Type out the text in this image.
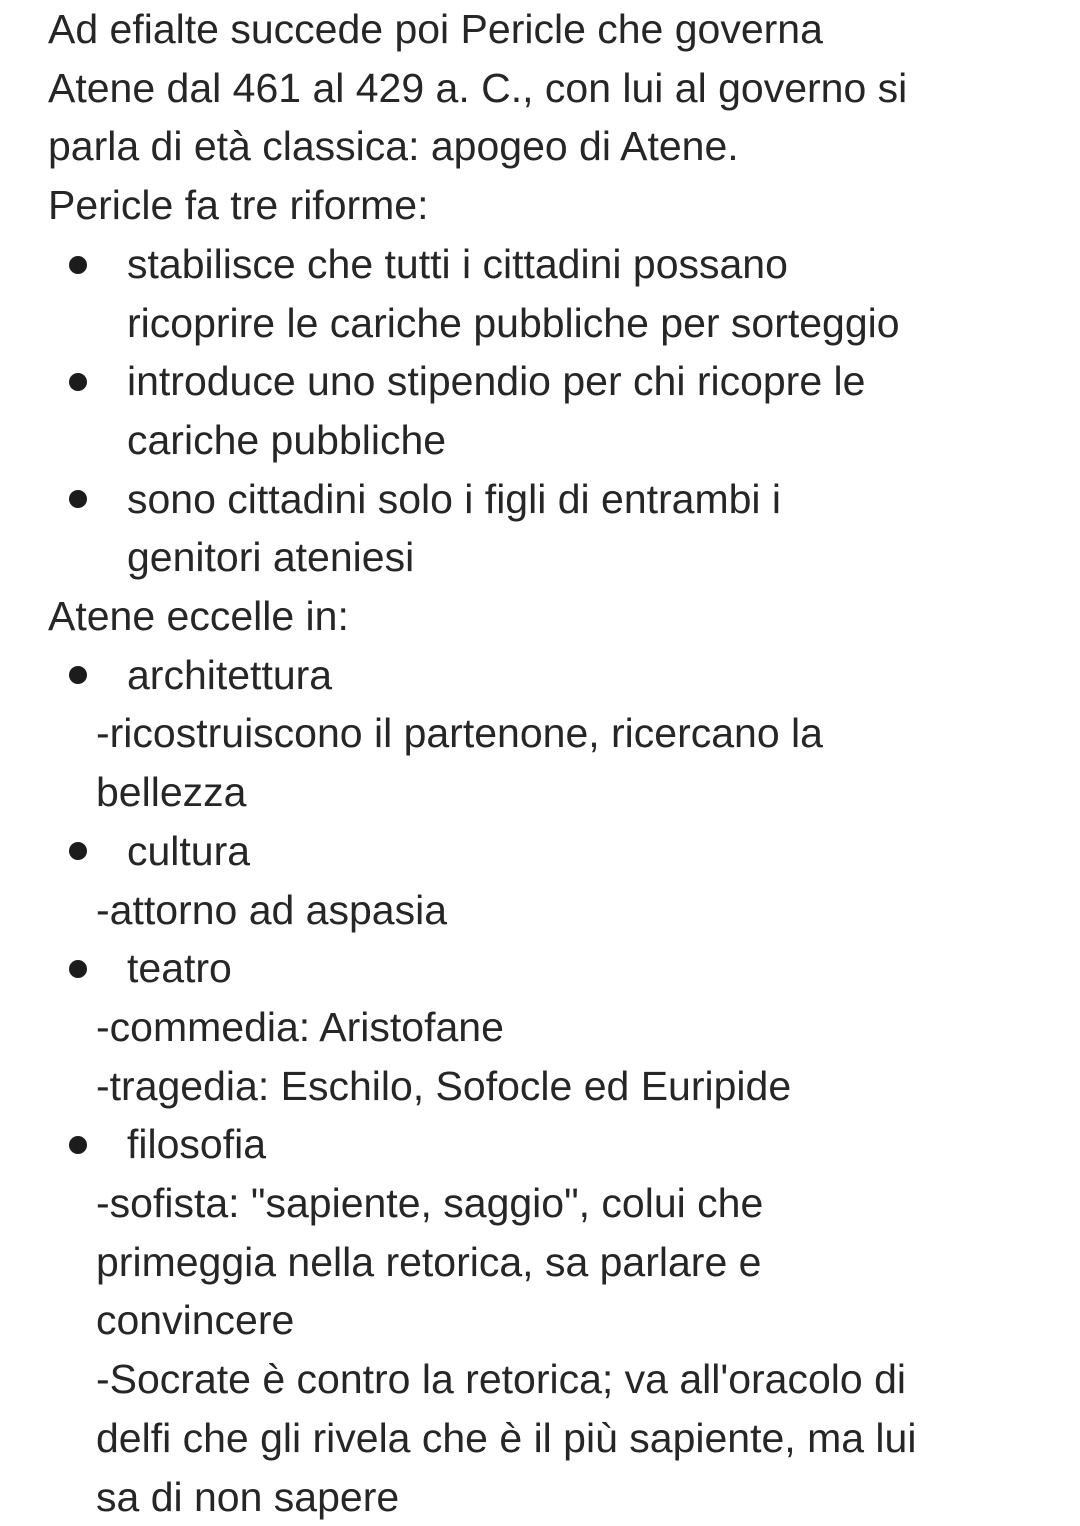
Ad efialte succede poi Pericle che governa
Atene dal 461 al 429 a. C., con lui al governo si
parla di età classica: apogeo di Atene.
Pericle fa tre riforme:
stabilisce che tutti i cittadini possano
ricoprire le cariche pubbliche per sorteggio
introduce uno stipendio per chi ricopre le
cariche pubbliche
sono cittadini solo i figli di entrambi i
genitori ateniesi
Atene eccelle in:
architettura
-ricostruiscono il partenone, ricercano la
bellezza
cultura
-attorno ad aspasia
teatro
-commedia: Aristofane
-tragedia: Eschilo, Sofocle ed Euripide
filosofia
-sofista: "sapiente, saggio", colui che
primeggia nella retorica, sa parlare e
convincere
-Socrate è contro la retorica; va all'oracolo di
delfi che gli rivela che è il più sapiente, ma lui
sa di non sapere
